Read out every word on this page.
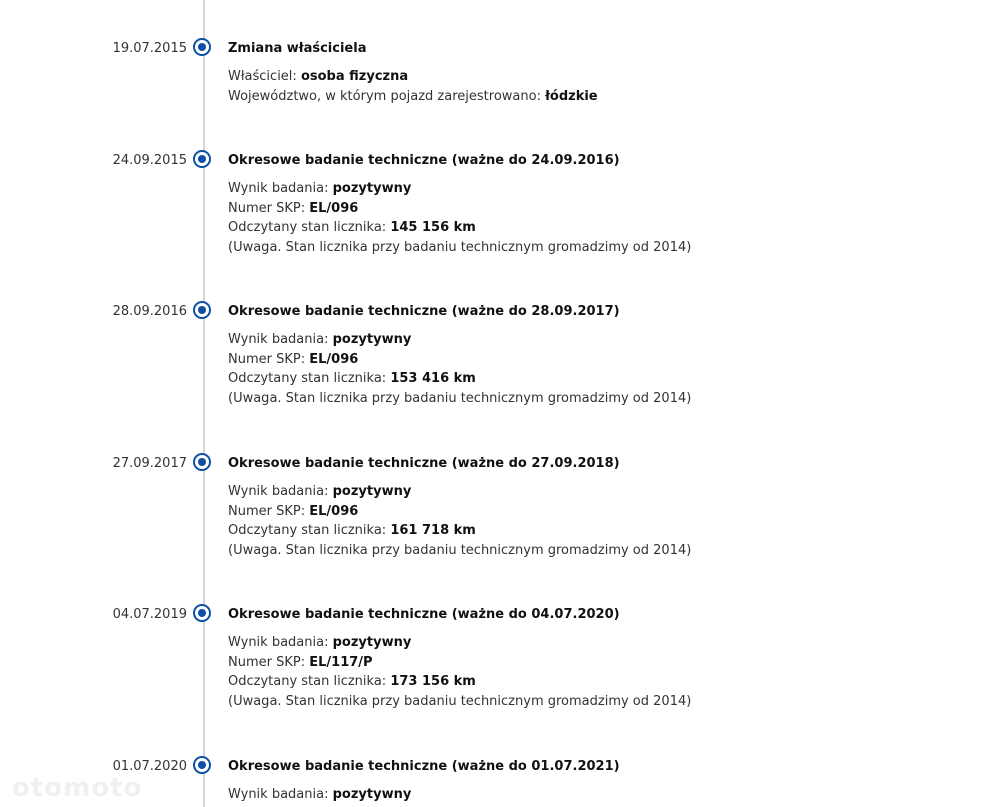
19.07.2015	Zmiana właściciela
Właściciel: osoba fizyczna
Województwo, w którym pojazd zarejestrowano: łódzkie
24.09.2015	Okresowe badanie techniczne (ważne do 24.09.2016)
Wynik badania: pozytywny
Numer SKP: EL/096
Odczytany stan licznika: 145 156 km
(Uwaga. Stan licznika przy badaniu technicznym gromadzimy od 2014)
28.09.2016	Okresowe badanie techniczne (ważne do 28.09.2017)
Wynik badania: pozytywny
Numer SKP: EL/096
Odczytany stan licznika: 153 416 km
(Uwaga. Stan licznika przy badaniu technicznym gromadzimy od 2014)
27.09.2017	Okresowe badanie techniczne (ważne do 27.09.2018)
Wynik badania: pozytywny
Numer SKP: EL/096
Odczytany stan licznika: 161 718 km
(Uwaga. Stan licznika przy badaniu technicznym gromadzimy od 2014)
04.07.2019	Okresowe badanie techniczne (ważne do 04.07.2020)
Wynik badania: pozytywny
Numer SKP: EL/117/P
Odczytany stan licznika: 173 156 km
(Uwaga. Stan licznika przy badaniu technicznym gromadzimy od 2014)
01.07.2020	Okresowe badanie techniczne (ważne do 01.07.2021)
Wynik badania: pozytywny
otomoto
